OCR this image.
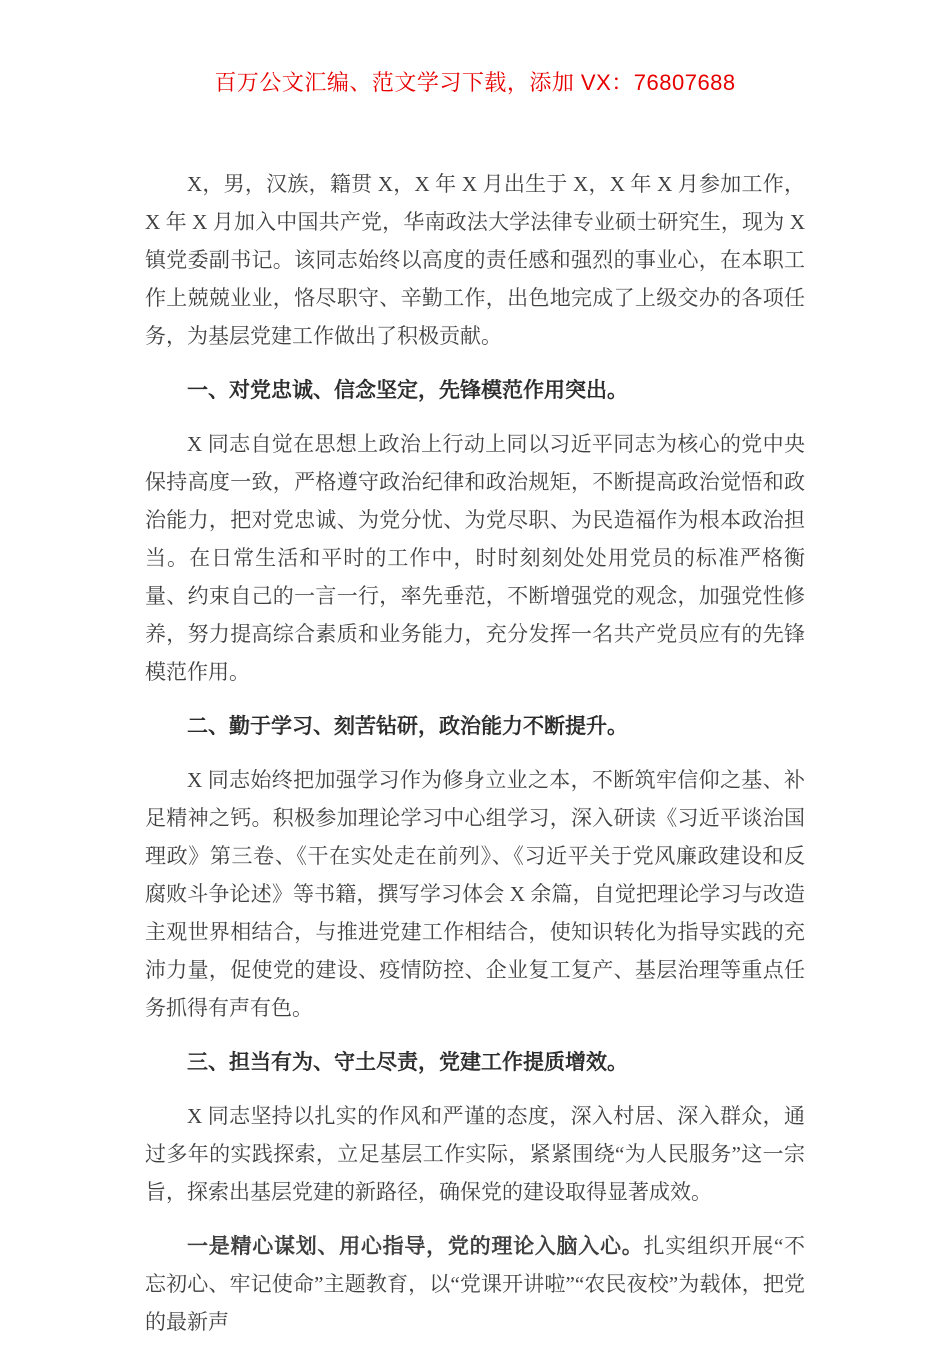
百万公文汇编、范文学习下载，添加 VX：76807688

X，男，汉族，籍贯 X，X 年 X 月出生于 X，X 年 X 月参加工作，X 年 X 月加入中国共产党，华南政法大学法律专业硕士研究生，现为 X 镇党委副书记。该同志始终以高度的责任感和强烈的事业心，在本职工作上兢兢业业，恪尽职守、辛勤工作，出色地完成了上级交办的各项任务，为基层党建工作做出了积极贡献。

一、对党忠诚、信念坚定，先锋模范作用突出。

X 同志自觉在思想上政治上行动上同以习近平同志为核心的党中央保持高度一致，严格遵守政治纪律和政治规矩，不断提高政治觉悟和政治能力，把对党忠诚、为党分忧、为党尽职、为民造福作为根本政治担当。在日常生活和平时的工作中，时时刻刻处处用党员的标准严格衡量、约束自己的一言一行，率先垂范，不断增强党的观念，加强党性修养，努力提高综合素质和业务能力，充分发挥一名共产党员应有的先锋模范作用。

二、勤于学习、刻苦钻研，政治能力不断提升。

X 同志始终把加强学习作为修身立业之本，不断筑牢信仰之基、补足精神之钙。积极参加理论学习中心组学习，深入研读《习近平谈治国理政》第三卷、《干在实处走在前列》、《习近平关于党风廉政建设和反腐败斗争论述》等书籍，撰写学习体会 X 余篇，自觉把理论学习与改造主观世界相结合，与推进党建工作相结合，使知识转化为指导实践的充沛力量，促使党的建设、疫情防控、企业复工复产、基层治理等重点任务抓得有声有色。

三、担当有为、守土尽责，党建工作提质增效。

X 同志坚持以扎实的作风和严谨的态度，深入村居、深入群众，通过多年的实践探索，立足基层工作实际，紧紧围绕“为人民服务”这一宗旨，探索出基层党建的新路径，确保党的建设取得显著成效。

一是精心谋划、用心指导，党的理论入脑入心。扎实组织开展“不忘初心、牢记使命”主题教育，以“党课开讲啦”“农民夜校”为载体，把党的最新声
